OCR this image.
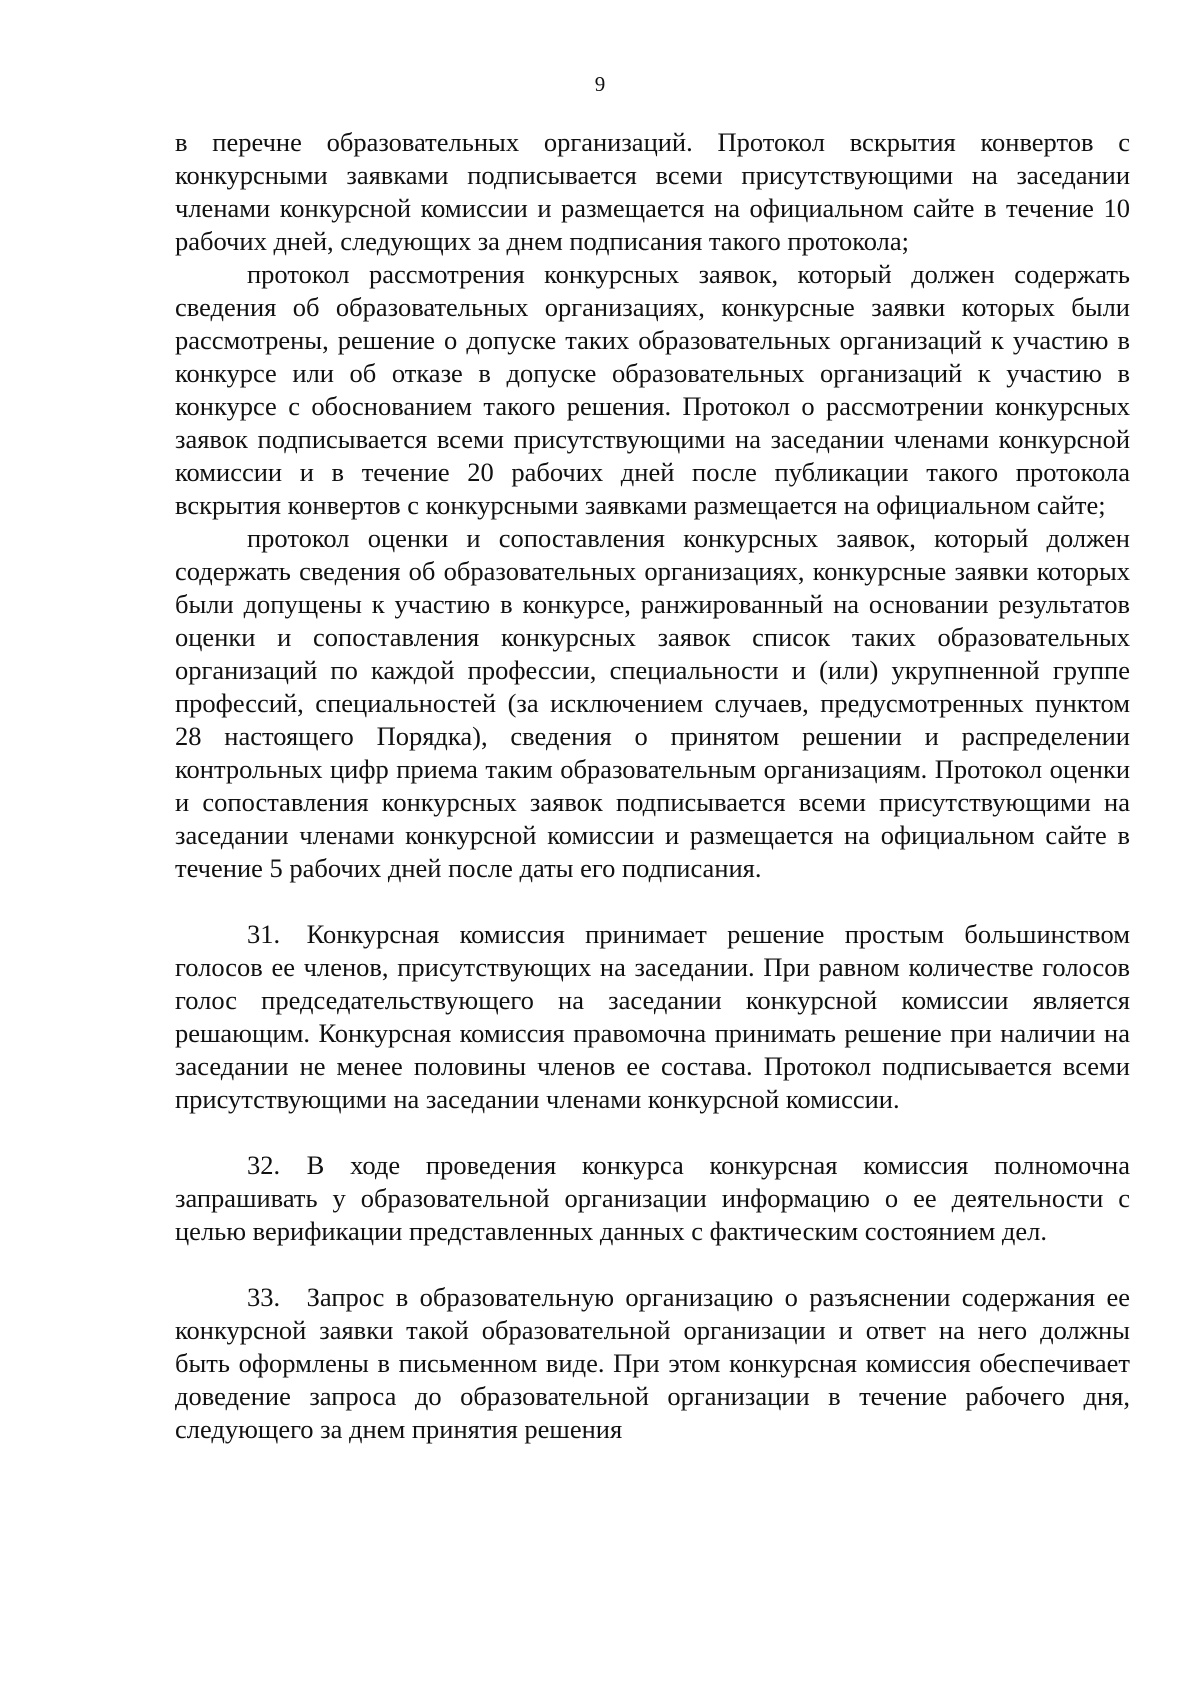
9

в перечне образовательных организаций. Протокол вскрытия конвертов с конкурсными заявками подписывается всеми присутствующими на заседании членами конкурсной комиссии и размещается на официальном сайте в течение 10 рабочих дней, следующих за днем подписания такого протокола;

протокол рассмотрения конкурсных заявок, который должен содержать сведения об образовательных организациях, конкурсные заявки которых были рассмотрены, решение о допуске таких образовательных организаций к участию в конкурсе или об отказе в допуске образовательных организаций к участию в конкурсе с обоснованием такого решения. Протокол о рассмотрении конкурсных заявок подписывается всеми присутствующими на заседании членами конкурсной комиссии и в течение 20 рабочих дней после публикации такого протокола вскрытия конвертов с конкурсными заявками размещается на официальном сайте;

протокол оценки и сопоставления конкурсных заявок, который должен содержать сведения об образовательных организациях, конкурсные заявки которых были допущены к участию в конкурсе, ранжированный на основании результатов оценки и сопоставления конкурсных заявок список таких образовательных организаций по каждой профессии, специальности и (или) укрупненной группе профессий, специальностей (за исключением случаев, предусмотренных пунктом 28 настоящего Порядка), сведения о принятом решении и распределении контрольных цифр приема таким образовательным организациям. Протокол оценки и сопоставления конкурсных заявок подписывается всеми присутствующими на заседании членами конкурсной комиссии и размещается на официальном сайте в течение 5 рабочих дней после даты его подписания.

31. Конкурсная комиссия принимает решение простым большинством голосов ее членов, присутствующих на заседании. При равном количестве голосов голос председательствующего на заседании конкурсной комиссии является решающим. Конкурсная комиссия правомочна принимать решение при наличии на заседании не менее половины членов ее состава. Протокол подписывается всеми присутствующими на заседании членами конкурсной комиссии.

32. В ходе проведения конкурса конкурсная комиссия полномочна запрашивать у образовательной организации информацию о ее деятельности с целью верификации представленных данных с фактическим состоянием дел.

33. Запрос в образовательную организацию о разъяснении содержания ее конкурсной заявки такой образовательной организации и ответ на него должны быть оформлены в письменном виде. При этом конкурсная комиссия обеспечивает доведение запроса до образовательной организации в течение рабочего дня, следующего за днем принятия решения
